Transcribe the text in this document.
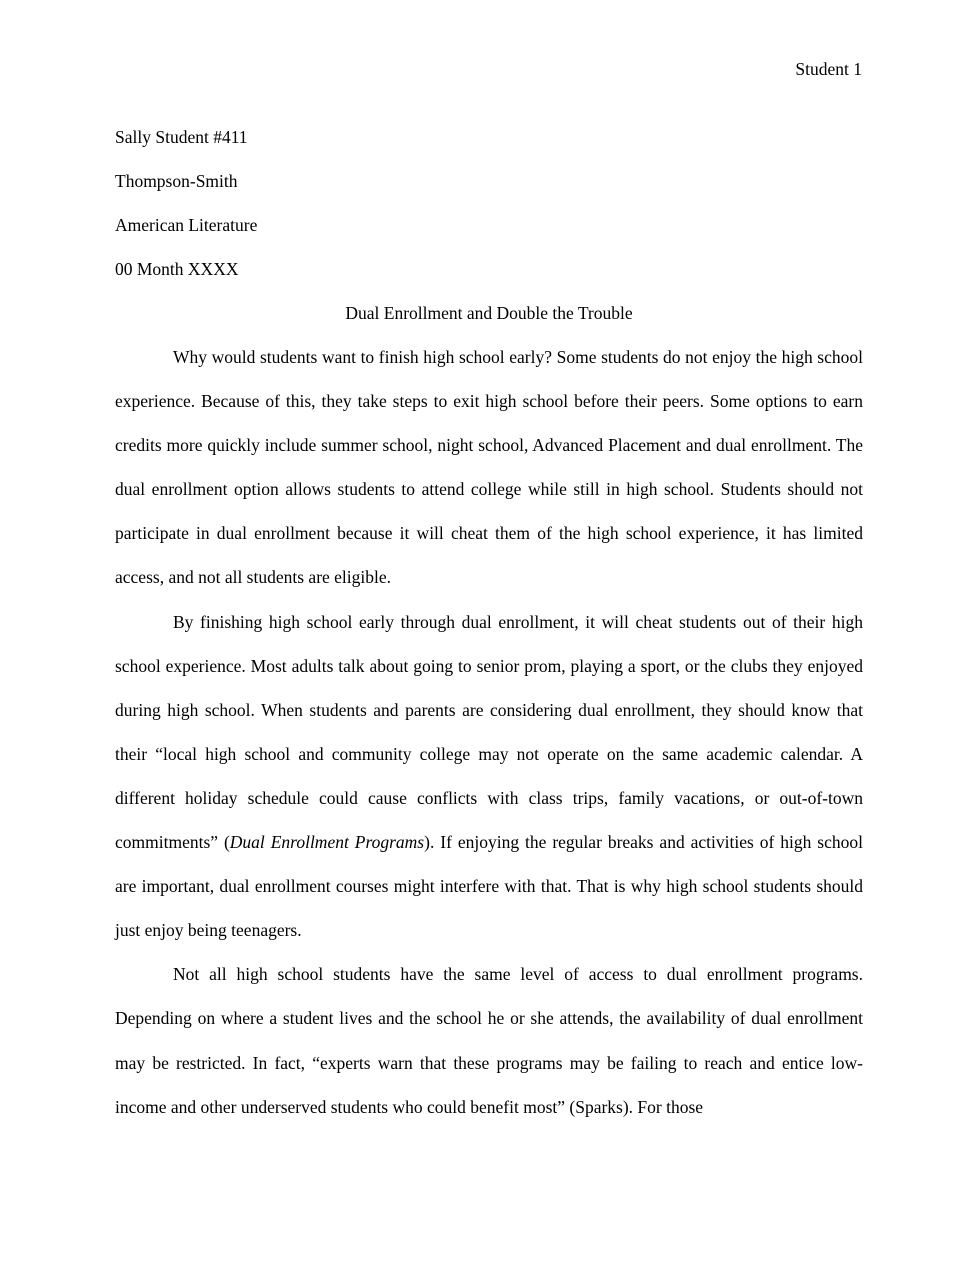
Student 1
Sally Student #411
Thompson-Smith
American Literature
00 Month XXXX
Dual Enrollment and Double the Trouble

Why would students want to finish high school early? Some students do not enjoy the high school experience. Because of this, they take steps to exit high school before their peers. Some options to earn credits more quickly include summer school, night school, Advanced Placement and dual enrollment. The dual enrollment option allows students to attend college while still in high school. Students should not participate in dual enrollment because it will cheat them of the high school experience, it has limited access, and not all students are eligible.

By finishing high school early through dual enrollment, it will cheat students out of their high school experience. Most adults talk about going to senior prom, playing a sport, or the clubs they enjoyed during high school. When students and parents are considering dual enrollment, they should know that their “local high school and community college may not operate on the same academic calendar. A different holiday schedule could cause conflicts with class trips, family vacations, or out-of-town commitments” (Dual Enrollment Programs). If enjoying the regular breaks and activities of high school are important, dual enrollment courses might interfere with that. That is why high school students should just enjoy being teenagers.

Not all high school students have the same level of access to dual enrollment programs. Depending on where a student lives and the school he or she attends, the availability of dual enrollment may be restricted. In fact, “experts warn that these programs may be failing to reach and entice low-income and other underserved students who could benefit most” (Sparks). For those
